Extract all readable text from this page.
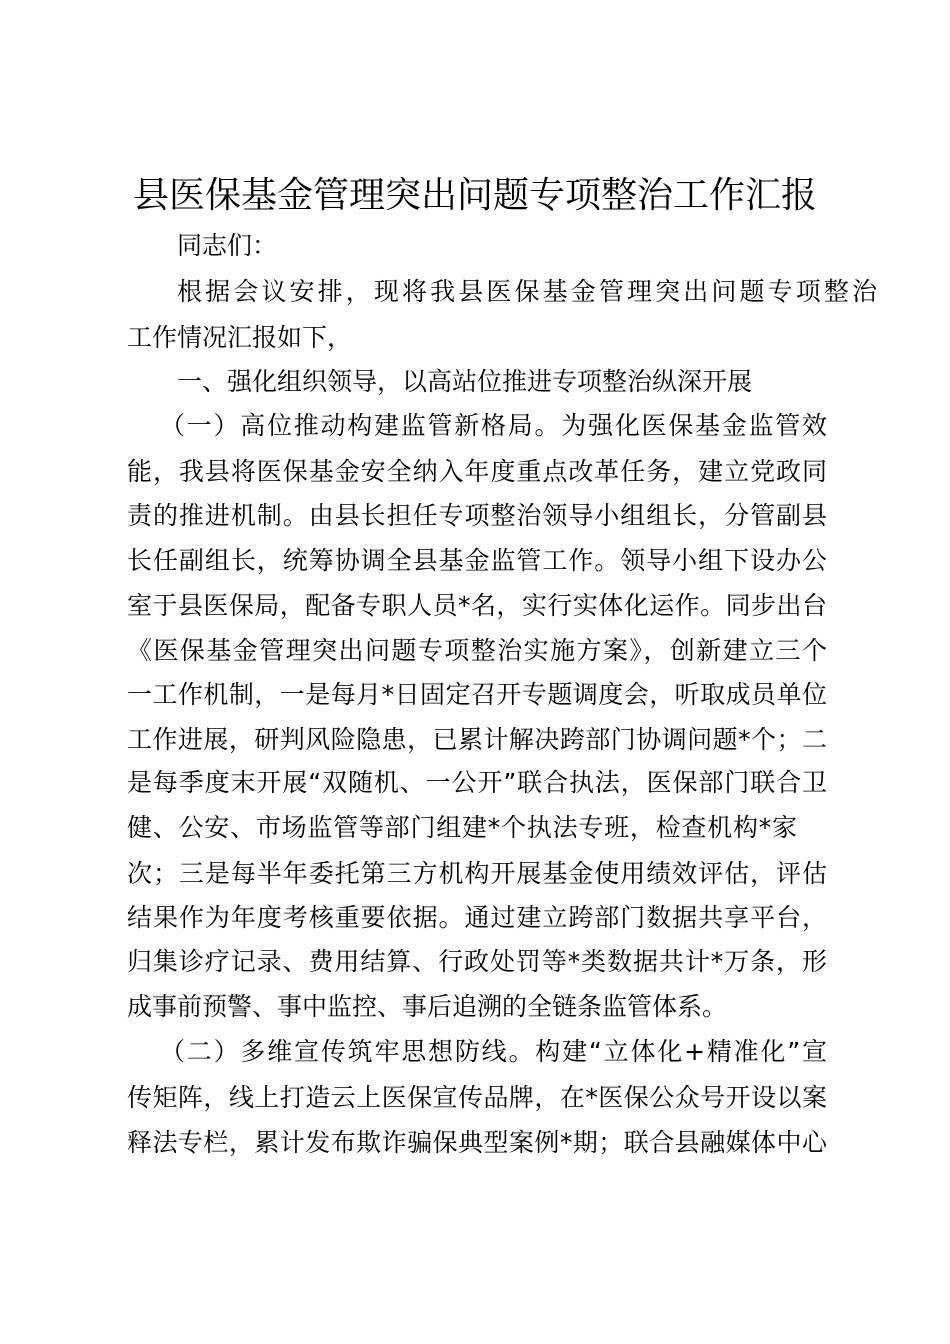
县医保基金管理突出问题专项整治工作汇报
同志们：
根据会议安排，现将我县医保基金管理突出问题专项整治
工作情况汇报如下，
一、强化组织领导，以高站位推进专项整治纵深开展
（一）高位推动构建监管新格局。为强化医保基金监管效
能，我县将医保基金安全纳入年度重点改革任务，建立党政同
责的推进机制。由县长担任专项整治领导小组组长，分管副县
长任副组长，统筹协调全县基金监管工作。领导小组下设办公
室于县医保局，配备专职人员*名，实行实体化运作。同步出台
《医保基金管理突出问题专项整治实施方案》，创新建立三个
一工作机制，一是每月*日固定召开专题调度会，听取成员单位
工作进展，研判风险隐患，已累计解决跨部门协调问题*个；二
是每季度末开展“双随机、一公开”联合执法，医保部门联合卫
健、公安、市场监管等部门组建*个执法专班，检查机构*家
次；三是每半年委托第三方机构开展基金使用绩效评估，评估
结果作为年度考核重要依据。通过建立跨部门数据共享平台，
归集诊疗记录、费用结算、行政处罚等*类数据共计*万条，形
成事前预警、事中监控、事后追溯的全链条监管体系。
（二）多维宣传筑牢思想防线。构建“立体化+精准化”宣
传矩阵，线上打造云上医保宣传品牌，在*医保公众号开设以案
释法专栏，累计发布欺诈骗保典型案例*期；联合县融媒体中心
